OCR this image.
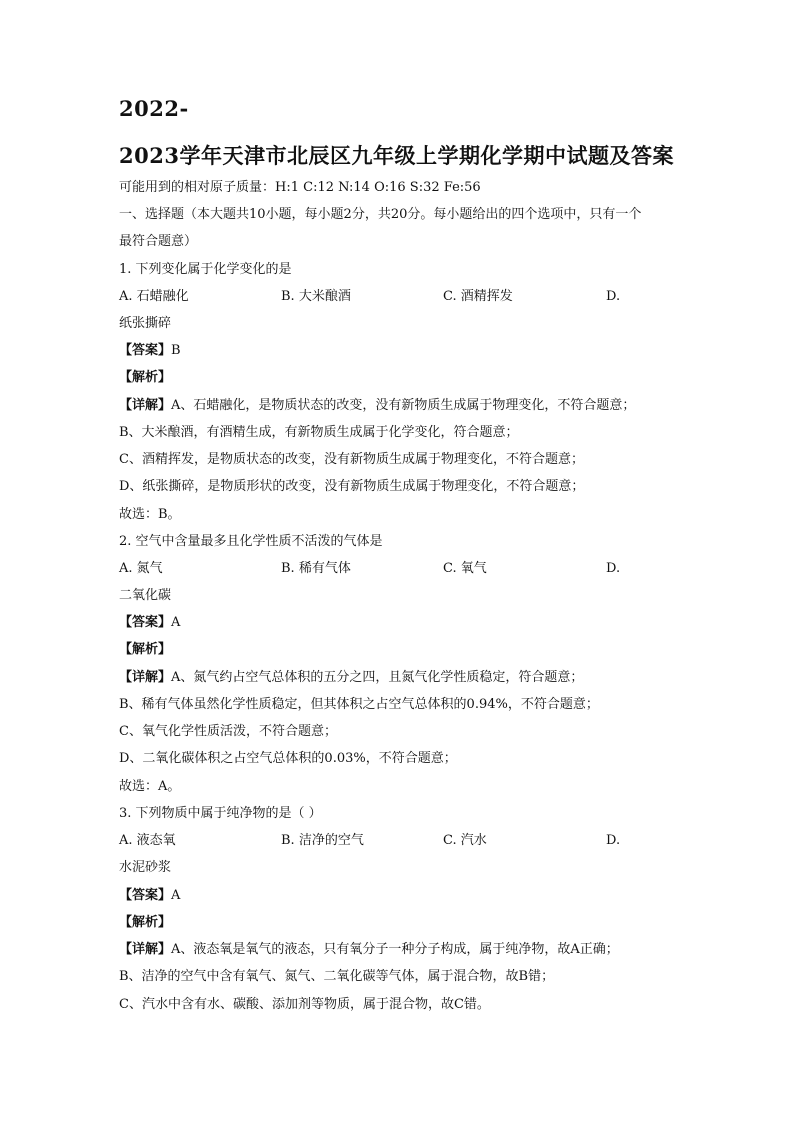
2022-
2023学年天津市北辰区九年级上学期化学期中试题及答案
可能用到的相对原子质量：H:1 C:12 N:14 O:16 S:32 Fe:56
一、选择题（本大题共10小题，每小题2分，共20分。每小题给出的四个选项中，只有一个
最符合题意）
1. 下列变化属于化学变化的是
A. 石蜡融化	B. 大米酿酒	C. 酒精挥发	D.
纸张撕碎
【答案】B
【解析】
【详解】A、石蜡融化，是物质状态的改变，没有新物质生成属于物理变化，不符合题意；
B、大米酿酒，有酒精生成，有新物质生成属于化学变化，符合题意；
C、酒精挥发，是物质状态的改变，没有新物质生成属于物理变化，不符合题意；
D、纸张撕碎，是物质形状的改变，没有新物质生成属于物理变化，不符合题意；
故选：B。
2. 空气中含量最多且化学性质不活泼的气体是
A. 氮气	B. 稀有气体	C. 氧气	D.
二氧化碳
【答案】A
【解析】
【详解】A、氮气约占空气总体积的五分之四，且氮气化学性质稳定，符合题意；
B、稀有气体虽然化学性质稳定，但其体积之占空气总体积的0.94%，不符合题意；
C、氧气化学性质活泼，不符合题意；
D、二氧化碳体积之占空气总体积的0.03%，不符合题意；
故选：A。
3. 下列物质中属于纯净物的是（ ）
A. 液态氧	B. 洁净的空气	C. 汽水	D.
水泥砂浆
【答案】A
【解析】
【详解】A、液态氧是氧气的液态，只有氧分子一种分子构成，属于纯净物，故A正确；
B、洁净的空气中含有氧气、氮气、二氧化碳等气体，属于混合物，故B错；
C、汽水中含有水、碳酸、添加剂等物质，属于混合物，故C错。
